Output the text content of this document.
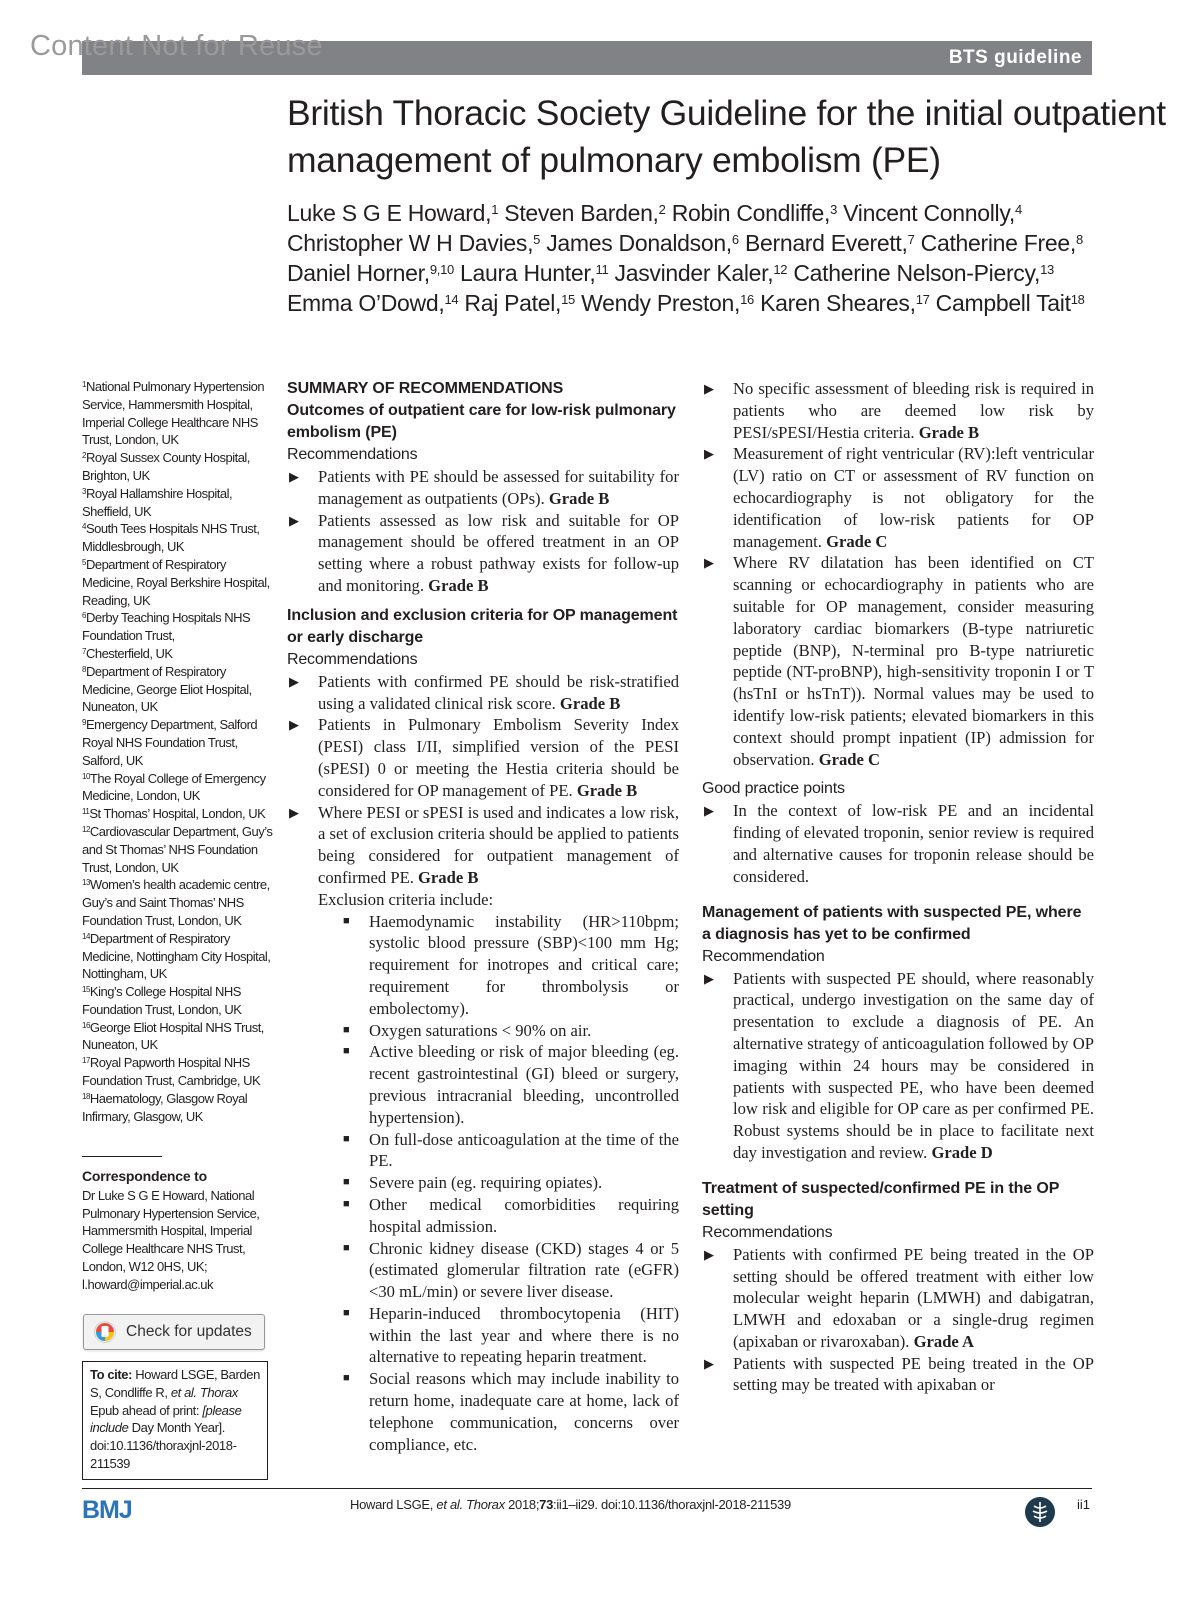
Content Not for Reuse	BTS guideline
British Thoracic Society Guideline for the initial outpatient management of pulmonary embolism (PE)
Luke S G E Howard,$^1$ Steven Barden,$^2$ Robin Condliffe,$^3$ Vincent Connolly,$^4$ Christopher W H Davies,$^5$ James Donaldson,$^6$ Bernard Everett,$^7$ Catherine Free,$^8$ Daniel Horner,$^{9,10}$ Laura Hunter,$^{11}$ Jasvinder Kaler,$^{12}$ Catherine Nelson-Piercy,$^{13}$ Emma O’Dowd,$^{14}$ Raj Patel,$^{15}$ Wendy Preston,$^{16}$ Karen Sheares,$^{17}$ Campbell Tait$^{18}$
$^1$National Pulmonary Hypertension Service, Hammersmith Hospital, Imperial College Healthcare NHS Trust, London, UK
$^2$Royal Sussex County Hospital, Brighton, UK
$^3$Royal Hallamshire Hospital, Sheffield, UK
$^4$South Tees Hospitals NHS Trust, Middlesbrough, UK
$^5$Department of Respiratory Medicine, Royal Berkshire Hospital, Reading, UK
$^6$Derby Teaching Hospitals NHS Foundation Trust,
$^7$Chesterfield, UK
$^8$Department of Respiratory Medicine, George Eliot Hospital, Nuneaton, UK
$^9$Emergency Department, Salford Royal NHS Foundation Trust, Salford, UK
$^{10}$The Royal College of Emergency Medicine, London, UK
$^{11}$St Thomas’ Hospital, London, UK
$^{12}$Cardiovascular Department, Guy’s and St Thomas’ NHS Foundation Trust, London, UK
$^{13}$Women’s health academic centre, Guy’s and Saint Thomas’ NHS Foundation Trust, London, UK
$^{14}$Department of Respiratory Medicine, Nottingham City Hospital, Nottingham, UK
$^{15}$King’s College Hospital NHS Foundation Trust, London, UK
$^{16}$George Eliot Hospital NHS Trust, Nuneaton, UK
$^{17}$Royal Papworth Hospital NHS Foundation Trust, Cambridge, UK
$^{18}$Haematology, Glasgow Royal Infirmary, Glasgow, UK
Correspondence to
Dr Luke S G E Howard, National Pulmonary Hypertension Service, Hammersmith Hospital, Imperial College Healthcare NHS Trust, London, W12 0HS, UK; l.howard@imperial.ac.uk
Check for updates
To cite: Howard LSGE, Barden S, Condliffe R, et al. Thorax Epub ahead of print: [please include Day Month Year]. doi:10.1136/thoraxjnl-2018-211539
SUMMARY OF RECOMMENDATIONS
Outcomes of outpatient care for low-risk pulmonary embolism (PE)
Recommendations
▶ Patients with PE should be assessed for suitability for management as outpatients (OPs). Grade B
▶ Patients assessed as low risk and suitable for OP management should be offered treatment in an OP setting where a robust pathway exists for follow-up and monitoring. Grade B
Inclusion and exclusion criteria for OP management or early discharge
Recommendations
▶ Patients with confirmed PE should be risk-stratified using a validated clinical risk score. Grade B
▶ Patients in Pulmonary Embolism Severity Index (PESI) class I/II, simplified version of the PESI (sPESI) 0 or meeting the Hestia criteria should be considered for OP management of PE. Grade B
▶ Where PESI or sPESI is used and indicates a low risk, a set of exclusion criteria should be applied to patients being considered for outpatient management of confirmed PE. Grade B
Exclusion criteria include:
■ Haemodynamic instability (HR>110bpm; systolic blood pressure (SBP)<100 mm Hg; requirement for inotropes and critical care; requirement for thrombolysis or embolectomy).
■ Oxygen saturations < 90% on air.
■ Active bleeding or risk of major bleeding (eg. recent gastrointestinal (GI) bleed or surgery, previous intracranial bleeding, uncontrolled hypertension).
■ On full-dose anticoagulation at the time of the PE.
■ Severe pain (eg. requiring opiates).
■ Other medical comorbidities requiring hospital admission.
■ Chronic kidney disease (CKD) stages 4 or 5 (estimated glomerular filtration rate (eGFR)<30 mL/min) or severe liver disease.
■ Heparin-induced thrombocytopenia (HIT) within the last year and where there is no alternative to repeating heparin treatment.
■ Social reasons which may include inability to return home, inadequate care at home, lack of telephone communication, concerns over compliance, etc.
▶ No specific assessment of bleeding risk is required in patients who are deemed low risk by PESI/sPESI/Hestia criteria. Grade B
▶ Measurement of right ventricular (RV):left ventricular (LV) ratio on CT or assessment of RV function on echocardiography is not obligatory for the identification of low-risk patients for OP management. Grade C
▶ Where RV dilatation has been identified on CT scanning or echocardiography in patients who are suitable for OP management, consider measuring laboratory cardiac biomarkers (B-type natriuretic peptide (BNP), N-terminal pro B-type natriuretic peptide (NT-proBNP), high-sensitivity troponin I or T (hsTnI or hsTnT)). Normal values may be used to identify low-risk patients; elevated biomarkers in this context should prompt inpatient (IP) admission for observation. Grade C
Good practice points
▶ In the context of low-risk PE and an incidental finding of elevated troponin, senior review is required and alternative causes for troponin release should be considered.
Management of patients with suspected PE, where a diagnosis has yet to be confirmed
Recommendation
▶ Patients with suspected PE should, where reasonably practical, undergo investigation on the same day of presentation to exclude a diagnosis of PE. An alternative strategy of anticoagulation followed by OP imaging within 24 hours may be considered in patients with suspected PE, who have been deemed low risk and eligible for OP care as per confirmed PE. Robust systems should be in place to facilitate next day investigation and review. Grade D
Treatment of suspected/confirmed PE in the OP setting
Recommendations
▶ Patients with confirmed PE being treated in the OP setting should be offered treatment with either low molecular weight heparin (LMWH) and dabigatran, LMWH and edoxaban or a single-drug regimen (apixaban or rivaroxaban). Grade A
▶ Patients with suspected PE being treated in the OP setting may be treated with apixaban or
BMJ	Howard LSGE, et al. Thorax 2018;73:ii1–ii29. doi:10.1136/thoraxjnl-2018-211539	ii1
